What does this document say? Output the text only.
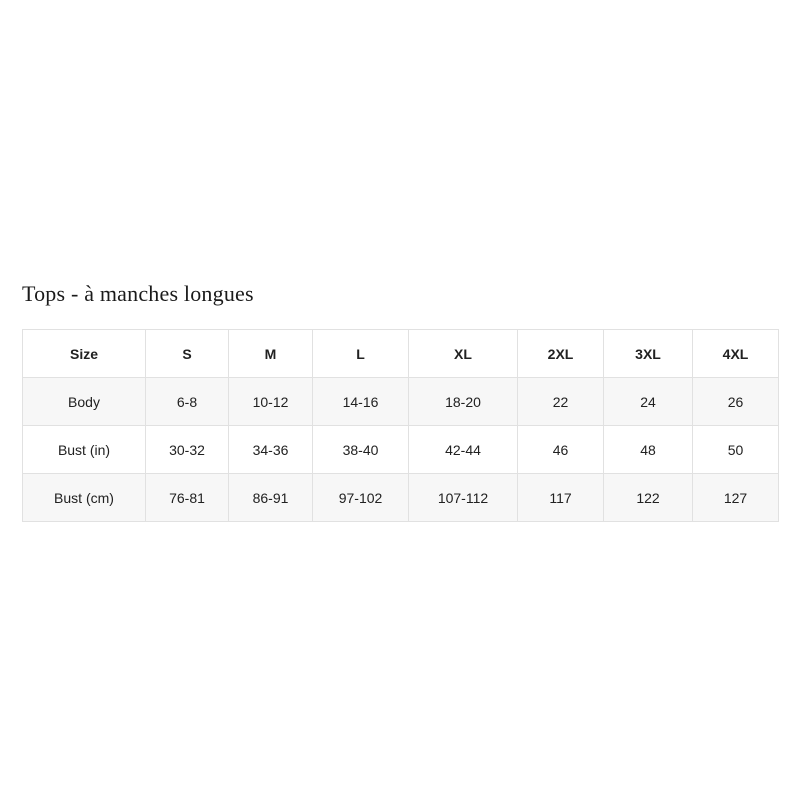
Tops - à manches longues
Size	S	M	L	XL	2XL	3XL	4XL
Body	6-8	10-12	14-16	18-20	22	24	26
Bust (in)	30-32	34-36	38-40	42-44	46	48	50
Bust (cm)	76-81	86-91	97-102	107-112	117	122	127
